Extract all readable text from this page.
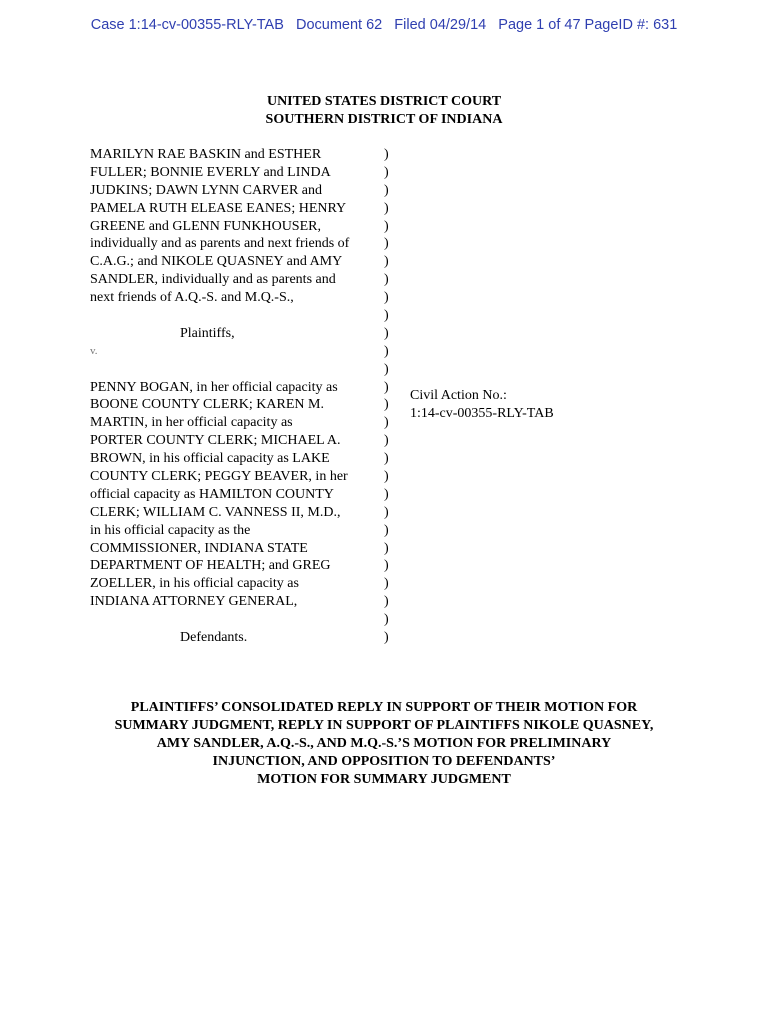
Case 1:14-cv-00355-RLY-TAB   Document 62   Filed 04/29/14   Page 1 of 47 PageID #: 631
UNITED STATES DISTRICT COURT
SOUTHERN DISTRICT OF INDIANA
MARILYN RAE BASKIN and ESTHER
FULLER; BONNIE EVERLY and LINDA
JUDKINS; DAWN LYNN CARVER and
PAMELA RUTH ELEASE EANES; HENRY
GREENE and GLENN FUNKHOUSER,
individually and as parents and next friends of
C.A.G.; and NIKOLE QUASNEY and AMY
SANDLER, individually and as parents and
next friends of A.Q.-S. and M.Q.-S.,
Plaintiffs,
v.
PENNY BOGAN, in her official capacity as
BOONE COUNTY CLERK; KAREN M.
MARTIN, in her official capacity as
PORTER COUNTY CLERK; MICHAEL A.
BROWN, in his official capacity as LAKE
COUNTY CLERK; PEGGY BEAVER, in her
official capacity as HAMILTON COUNTY
CLERK; WILLIAM C. VANNESS II, M.D.,
in his official capacity as the
COMMISSIONER, INDIANA STATE
DEPARTMENT OF HEALTH; and GREG
ZOELLER, in his official capacity as
INDIANA ATTORNEY GENERAL,
Defendants.
)
)
)
)
)
)
)
)
)
)
)
)
)
)
)
)
)
)
)
)
)
)
)
)
)
)
)
)
Civil Action No.:
1:14-cv-00355-RLY-TAB
PLAINTIFFS’ CONSOLIDATED REPLY IN SUPPORT OF THEIR MOTION FOR
SUMMARY JUDGMENT, REPLY IN SUPPORT OF PLAINTIFFS NIKOLE QUASNEY,
AMY SANDLER, A.Q.-S., AND M.Q.-S.’S MOTION FOR PRELIMINARY
INJUNCTION, AND OPPOSITION TO DEFENDANTS’
MOTION FOR SUMMARY JUDGMENT
